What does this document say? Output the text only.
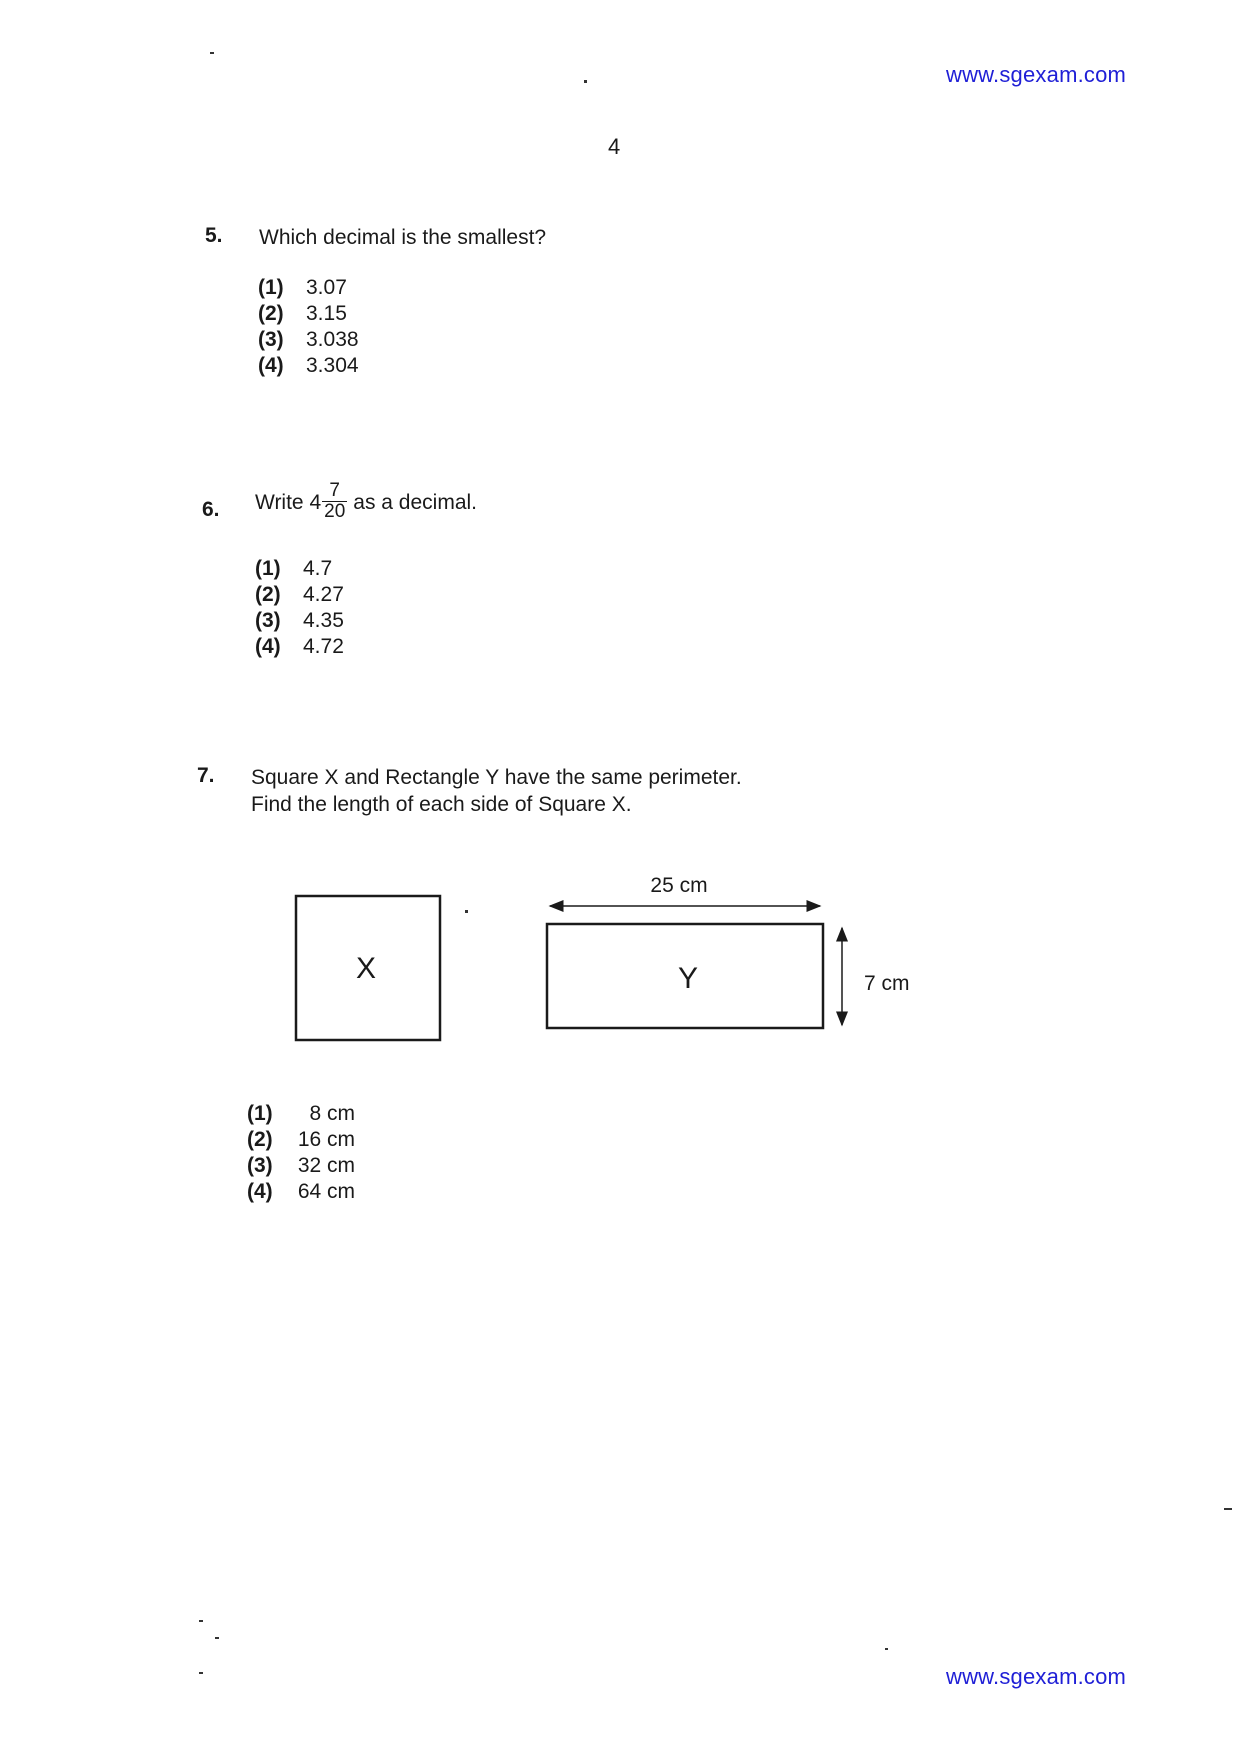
www.sgexam.com
4
5. Which decimal is the smallest?
(1)	3.07
(2)	3.15
(3)	3.038
(4)	3.304
6. Write $4 \frac{7}{20}$ as a decimal.
(1)	4.7
(2)	4.27
(3)	4.35
(4)	4.72
7. Square X and Rectangle Y have the same perimeter.
Find the length of each side of Square X.
X	Y
25 cm
7 cm
(1)	8 cm
(2)	16 cm
(3)	32 cm
(4)	64 cm
www.sgexam.com
